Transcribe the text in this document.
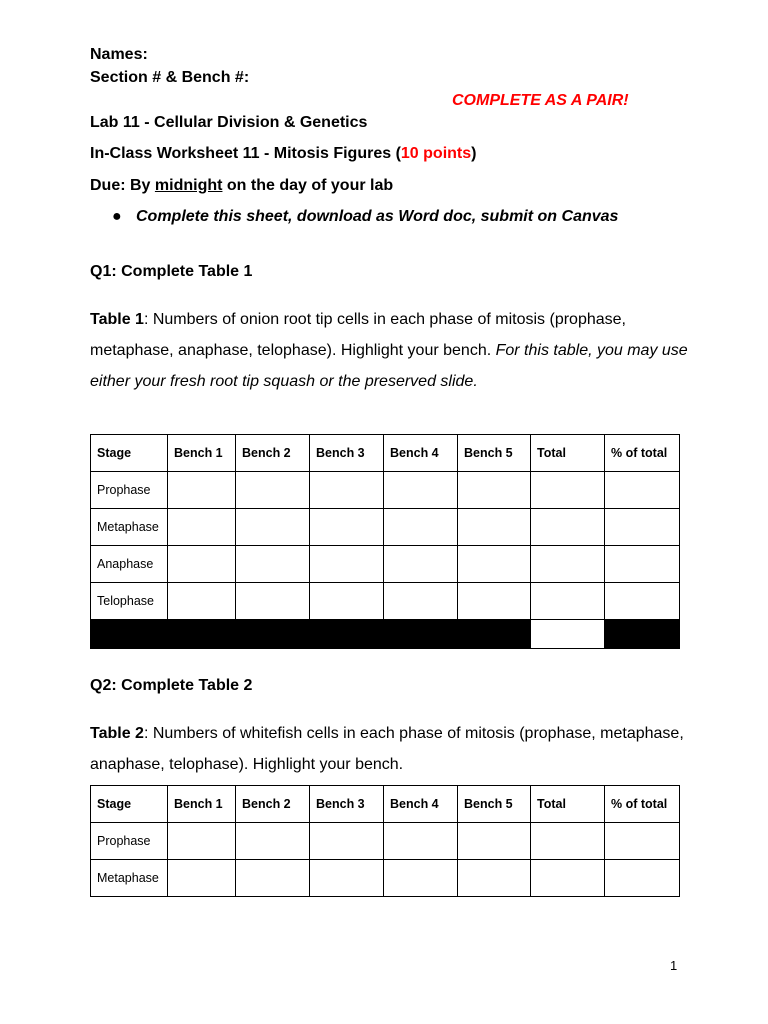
Names:
Section # & Bench #:
COMPLETE AS A PAIR!
Lab 11 - Cellular Division & Genetics
In-Class Worksheet 11 - Mitosis Figures (10 points)
Due: By midnight on the day of your lab
● Complete this sheet, download as Word doc, submit on Canvas
Q1: Complete Table 1
Table 1: Numbers of onion root tip cells in each phase of mitosis (prophase, metaphase, anaphase, telophase). Highlight your bench. For this table, you may use either your fresh root tip squash or the preserved slide.
Stage	Bench 1	Bench 2	Bench 3	Bench 4	Bench 5	Total	% of total
Prophase							
Metaphase							
Anaphase							
Telophase							

Q2: Complete Table 2
Table 2: Numbers of whitefish cells in each phase of mitosis (prophase, metaphase, anaphase, telophase). Highlight your bench.
Stage	Bench 1	Bench 2	Bench 3	Bench 4	Bench 5	Total	% of total
Prophase							
Metaphase							
1
